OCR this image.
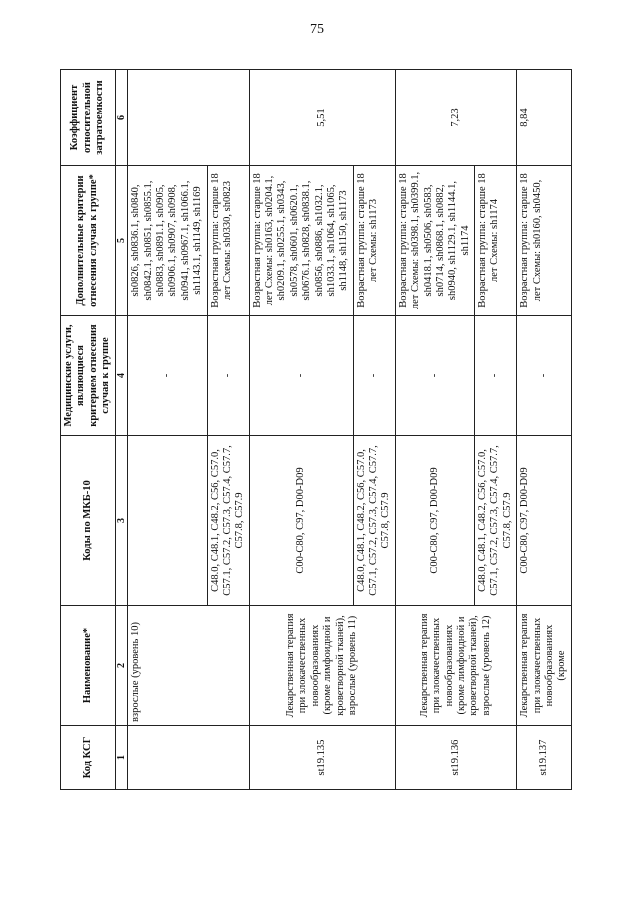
75
Код КСГ	Наименование*	Коды по МКБ-10	Медицинские услуги, являющиеся критерием отнесения случая к группе	Дополнительные критерии отнесения случая к группе*	Коэффициент относительной затратоемкости
1	2	3	4	5	6
	взрослые (уровень 10)		-	sh0826, sh0836.1, sh0840, sh0842.1, sh0851, sh0855.1, sh0883, sh0891.1, sh0905, sh0906.1, sh0907, sh0908, sh0941, sh0967.1, sh1066.1, sh1143.1, sh1149, sh1169	
		C48.0, C48.1, C48.2, C56, C57.0, C57.1, C57.2, C57.3, C57.4, C57.7, C57.8, C57.9	-	Возрастная группа: старше 18 лет Схемы: sh0330, sh0823	
st19.135	Лекарственная терапия при злокачественных новообразованиях (кроме лимфоидной и кроветворной тканей), взрослые (уровень 11)	C00-C80, C97, D00-D09	-	Возрастная группа: старше 18 лет Схемы: sh0163, sh0204.1, sh0209.1, sh0255.1, sh0343, sh0578, sh0601, sh0620.1, sh0676.1, sh0828, sh0838.1, sh0856, sh0886, sh1032.1, sh1033.1, sh1064, sh1065, sh1148, sh1150, sh1173	5,51
		C48.0, C48.1, C48.2, C56, C57.0, C57.1, C57.2, C57.3, C57.4, C57.7, C57.8, C57.9	-	Возрастная группа: старше 18 лет Схемы: sh1173	
st19.136	Лекарственная терапия при злокачественных новообразованиях (кроме лимфоидной и кроветворной тканей), взрослые (уровень 12)	C00-C80, C97, D00-D09	-	Возрастная группа: старше 18 лет Схемы: sh0398.1, sh0399.1, sh0418.1, sh0506, sh0583, sh0714, sh0868.1, sh0882, sh0940, sh1129.1, sh1144.1, sh1174	7,23
		C48.0, C48.1, C48.2, C56, C57.0, C57.1, C57.2, C57.3, C57.4, C57.7, C57.8, C57.9	-	Возрастная группа: старше 18 лет Схемы: sh1174	
st19.137	Лекарственная терапия при злокачественных новообразованиях (кроме	C00-C80, C97, D00-D09	-	Возрастная группа: старше 18 лет Схемы: sh0160, sh0450,	8,84
